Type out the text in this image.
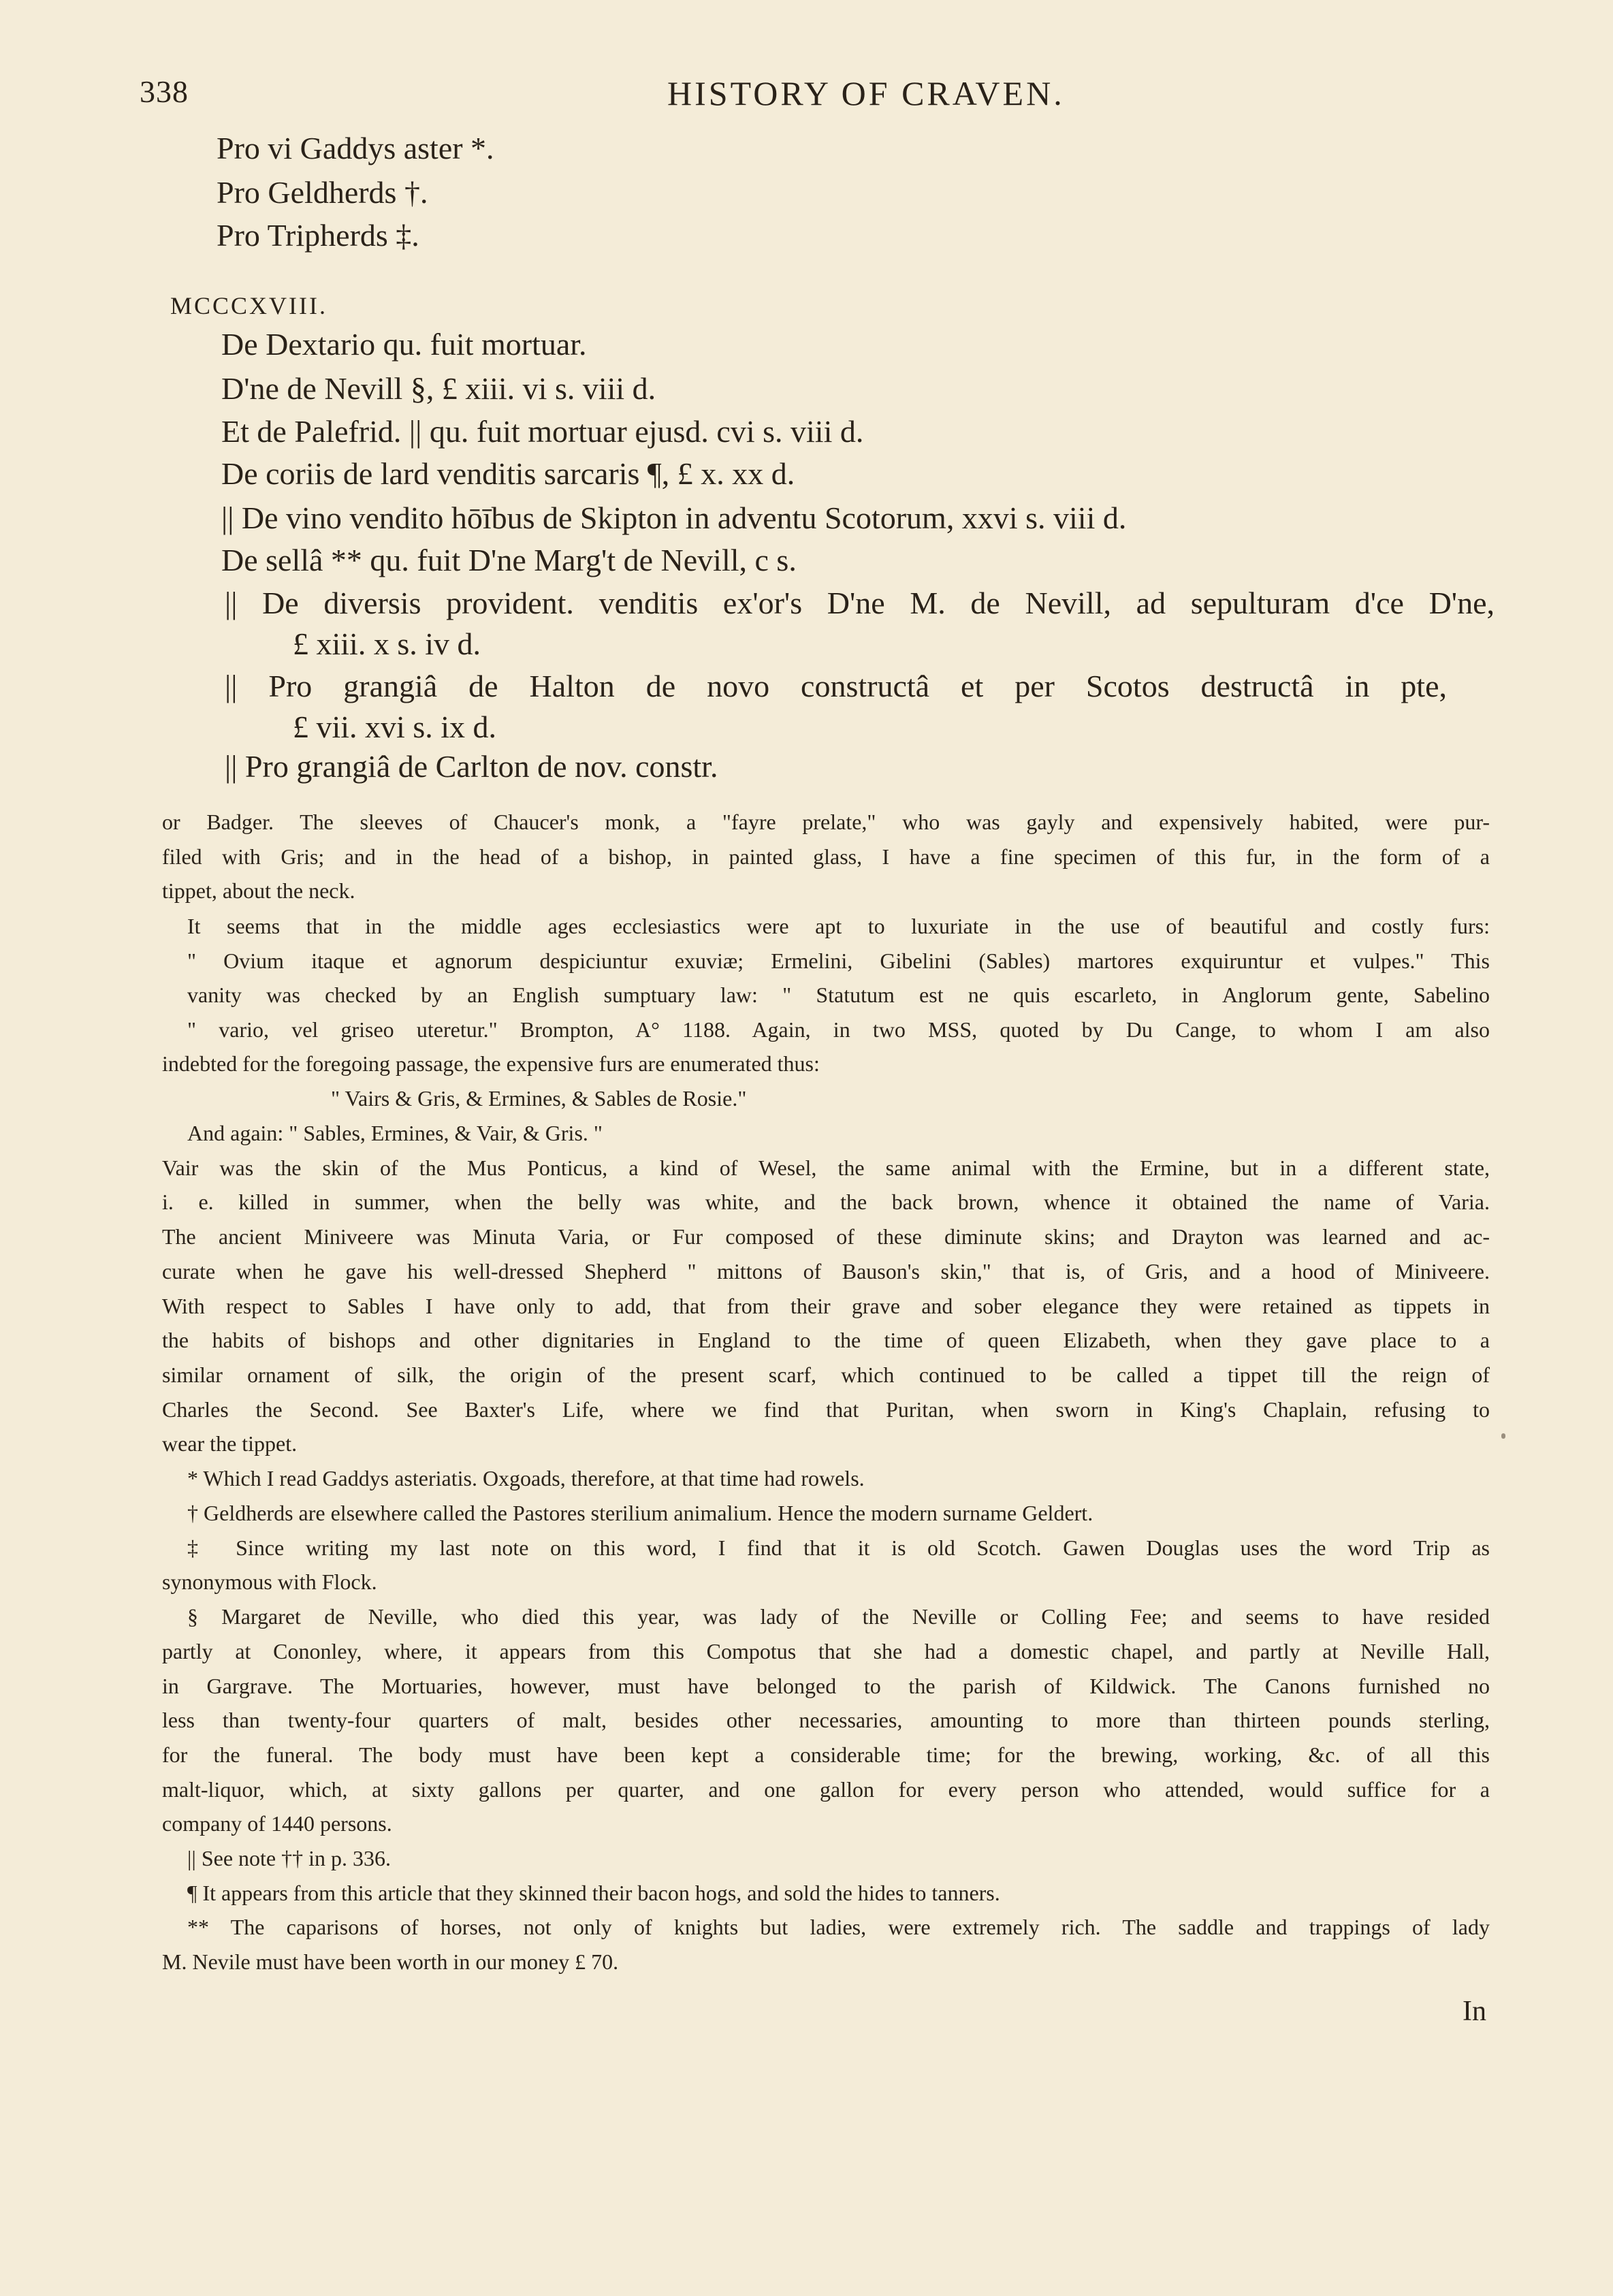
338	HISTORY OF CRAVEN.
Pro vi Gaddys aster *.
Pro Geldherds †.
Pro Tripherds ‡.
MCCCXVIII.
De Dextario qu. fuit mortuar.
D'ne de Nevill §, £ xiii. vi s. viii d.
Et de Palefrid. || qu. fuit mortuar ejusd. cvi s. viii d.
De coriis de lard venditis sarcaris ¶, £ x. xx d.
|| De vino vendito hōībus de Skipton in adventu Scotorum, xxvi s. viii d.
De sellâ ** qu. fuit D'ne Marg't de Nevill, c s.
|| De diversis provident. venditis ex'or's D'ne M. de Nevill, ad sepulturam d'ce D'ne,
£ xiii. x s. iv d.
|| Pro grangiâ de Halton de novo constructâ et per Scotos destructâ in pte,
£ vii. xvi s. ix d.
|| Pro grangiâ de Carlton de nov. constr.
or Badger. The sleeves of Chaucer's monk, a "fayre prelate," who was gayly and expensively habited, were pur-
filed with Gris; and in the head of a bishop, in painted glass, I have a fine specimen of this fur, in the form of a
tippet, about the neck.
It seems that in the middle ages ecclesiastics were apt to luxuriate in the use of beautiful and costly furs:
" Ovium itaque et agnorum despiciuntur exuviæ; Ermelini, Gibelini (Sables) martores exquiruntur et vulpes." This
vanity was checked by an English sumptuary law: " Statutum est ne quis escarleto, in Anglorum gente, Sabelino
" vario, vel griseo uteretur." Brompton, A° 1188. Again, in two MSS, quoted by Du Cange, to whom I am also
indebted for the foregoing passage, the expensive furs are enumerated thus:
" Vairs & Gris, & Ermines, & Sables de Rosie."
And again: " Sables, Ermines, & Vair, & Gris. "
Vair was the skin of the Mus Ponticus, a kind of Wesel, the same animal with the Ermine, but in a different state,
i. e. killed in summer, when the belly was white, and the back brown, whence it obtained the name of Varia.
The ancient Miniveere was Minuta Varia, or Fur composed of these diminute skins; and Drayton was learned and ac-
curate when he gave his well-dressed Shepherd " mittons of Bauson's skin," that is, of Gris, and a hood of Miniveere.
With respect to Sables I have only to add, that from their grave and sober elegance they were retained as tippets in
the habits of bishops and other dignitaries in England to the time of queen Elizabeth, when they gave place to a
similar ornament of silk, the origin of the present scarf, which continued to be called a tippet till the reign of
Charles the Second. See Baxter's Life, where we find that Puritan, when sworn in King's Chaplain, refusing to
wear the tippet.
* Which I read Gaddys asteriatis. Oxgoads, therefore, at that time had rowels.
† Geldherds are elsewhere called the Pastores sterilium animalium. Hence the modern surname Geldert.
‡ Since writing my last note on this word, I find that it is old Scotch. Gawen Douglas uses the word Trip as
synonymous with Flock.
§ Margaret de Neville, who died this year, was lady of the Neville or Colling Fee; and seems to have resided
partly at Cononley, where, it appears from this Compotus that she had a domestic chapel, and partly at Neville Hall,
in Gargrave. The Mortuaries, however, must have belonged to the parish of Kildwick. The Canons furnished no
less than twenty-four quarters of malt, besides other necessaries, amounting to more than thirteen pounds sterling,
for the funeral. The body must have been kept a considerable time; for the brewing, working, &c. of all this
malt-liquor, which, at sixty gallons per quarter, and one gallon for every person who attended, would suffice for a
company of 1440 persons.
|| See note †† in p. 336.
¶ It appears from this article that they skinned their bacon hogs, and sold the hides to tanners.
** The caparisons of horses, not only of knights but ladies, were extremely rich. The saddle and trappings of lady
M. Nevile must have been worth in our money £ 70.
In
